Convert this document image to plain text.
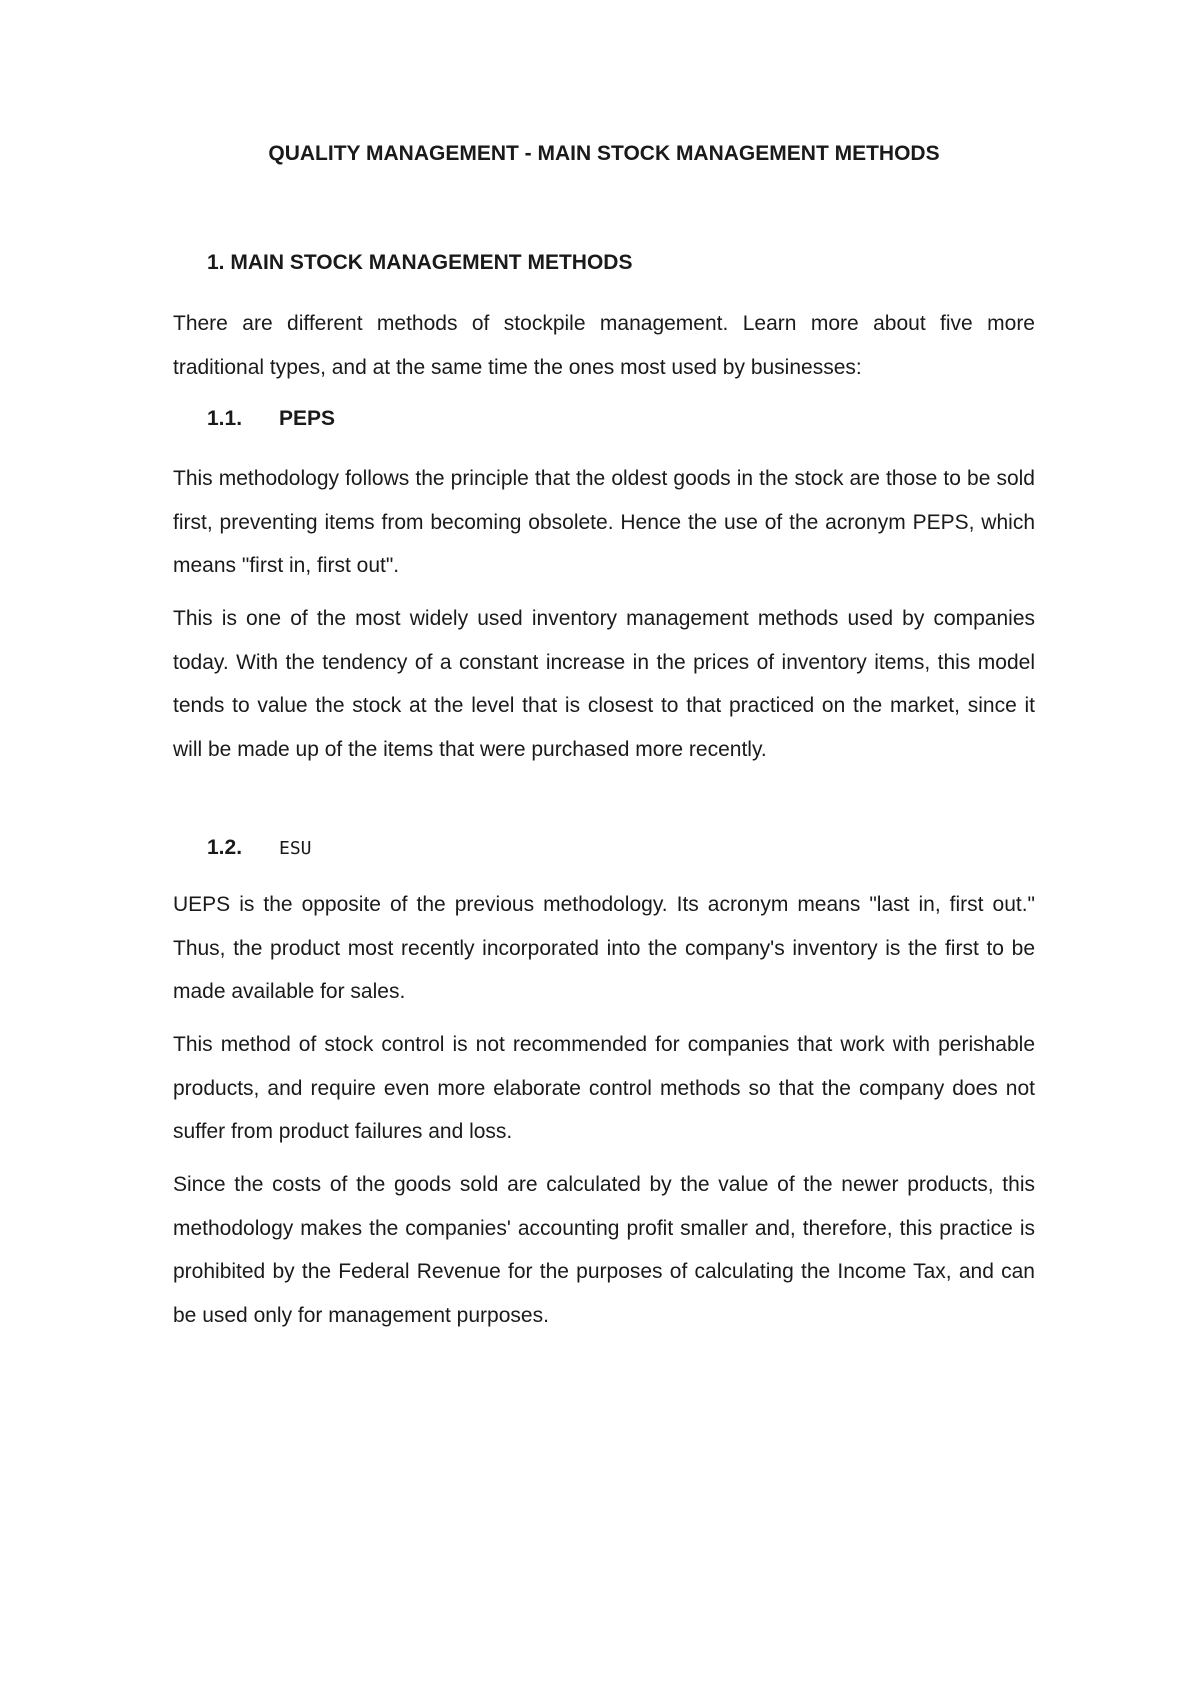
QUALITY MANAGEMENT - MAIN STOCK MANAGEMENT METHODS
1. MAIN STOCK MANAGEMENT METHODS

There are different methods of stockpile management. Learn more about five more traditional types, and at the same time the ones most used by businesses:

1.1. PEPS

This methodology follows the principle that the oldest goods in the stock are those to be sold first, preventing items from becoming obsolete. Hence the use of the acronym PEPS, which means "first in, first out".

This is one of the most widely used inventory management methods used by companies today. With the tendency of a constant increase in the prices of inventory items, this model tends to value the stock at the level that is closest to that practiced on the market, since it will be made up of the items that were purchased more recently.

1.2. ESU

UEPS is the opposite of the previous methodology. Its acronym means "last in, first out." Thus, the product most recently incorporated into the company's inventory is the first to be made available for sales.

This method of stock control is not recommended for companies that work with perishable products, and require even more elaborate control methods so that the company does not suffer from product failures and loss.

Since the costs of the goods sold are calculated by the value of the newer products, this methodology makes the companies' accounting profit smaller and, therefore, this practice is prohibited by the Federal Revenue for the purposes of calculating the Income Tax, and can be used only for management purposes.
